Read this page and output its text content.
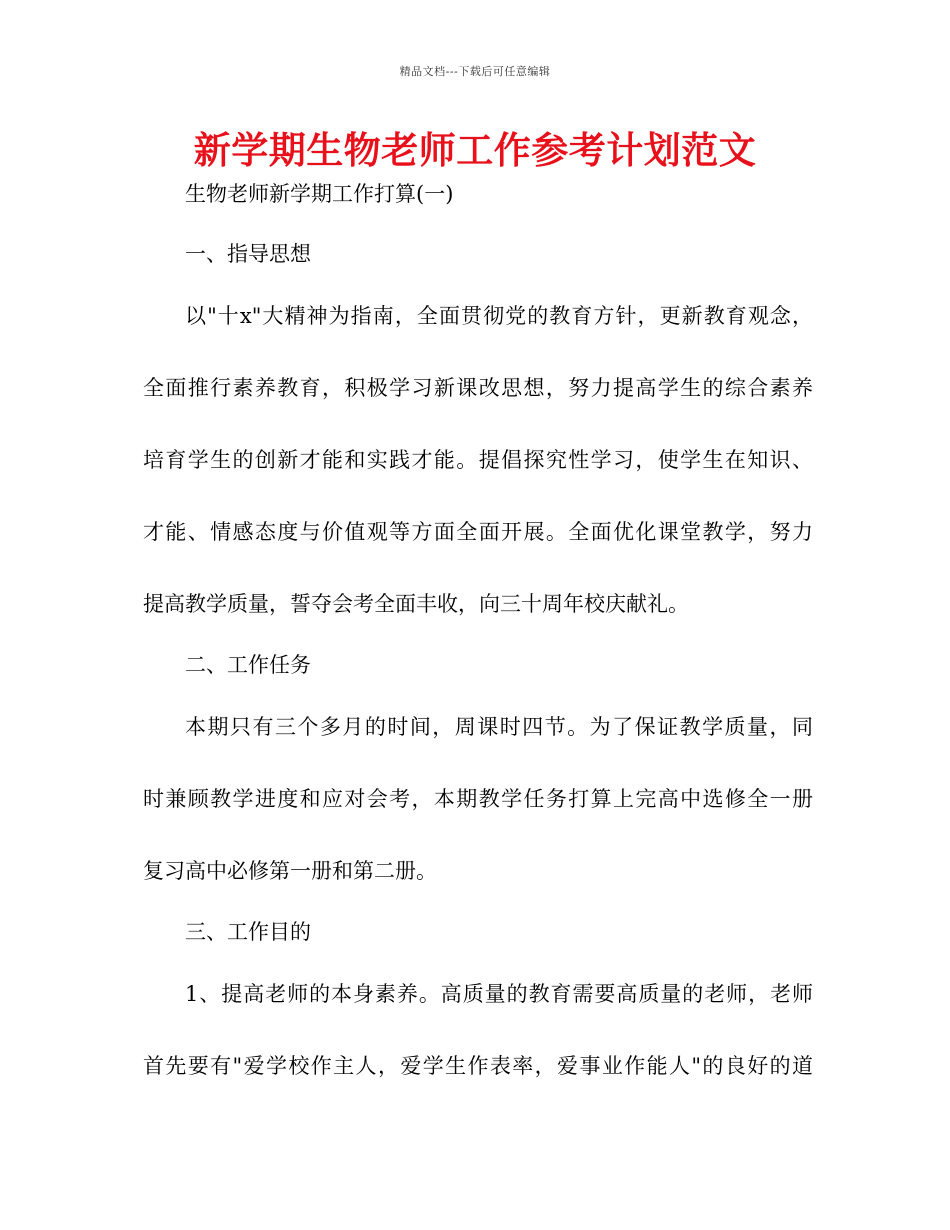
精品文档---下载后可任意编辑
新学期生物老师工作参考计划范文
生物老师新学期工作打算(一)
一、指导思想
以"十x"大精神为指南，全面贯彻党的教育方针，更新教育观念，
全面推行素养教育，积极学习新课改思想，努力提高学生的综合素养
培育学生的创新才能和实践才能。提倡探究性学习，使学生在知识、
才能、情感态度与价值观等方面全面开展。全面优化课堂教学，努力
提高教学质量，誓夺会考全面丰收，向三十周年校庆献礼。
二、工作任务
本期只有三个多月的时间，周课时四节。为了保证教学质量，同
时兼顾教学进度和应对会考，本期教学任务打算上完高中选修全一册
复习高中必修第一册和第二册。
三、工作目的
1、提高老师的本身素养。高质量的教育需要高质量的老师，老师
首先要有"爱学校作主人，爱学生作表率，爱事业作能人"的良好的道
